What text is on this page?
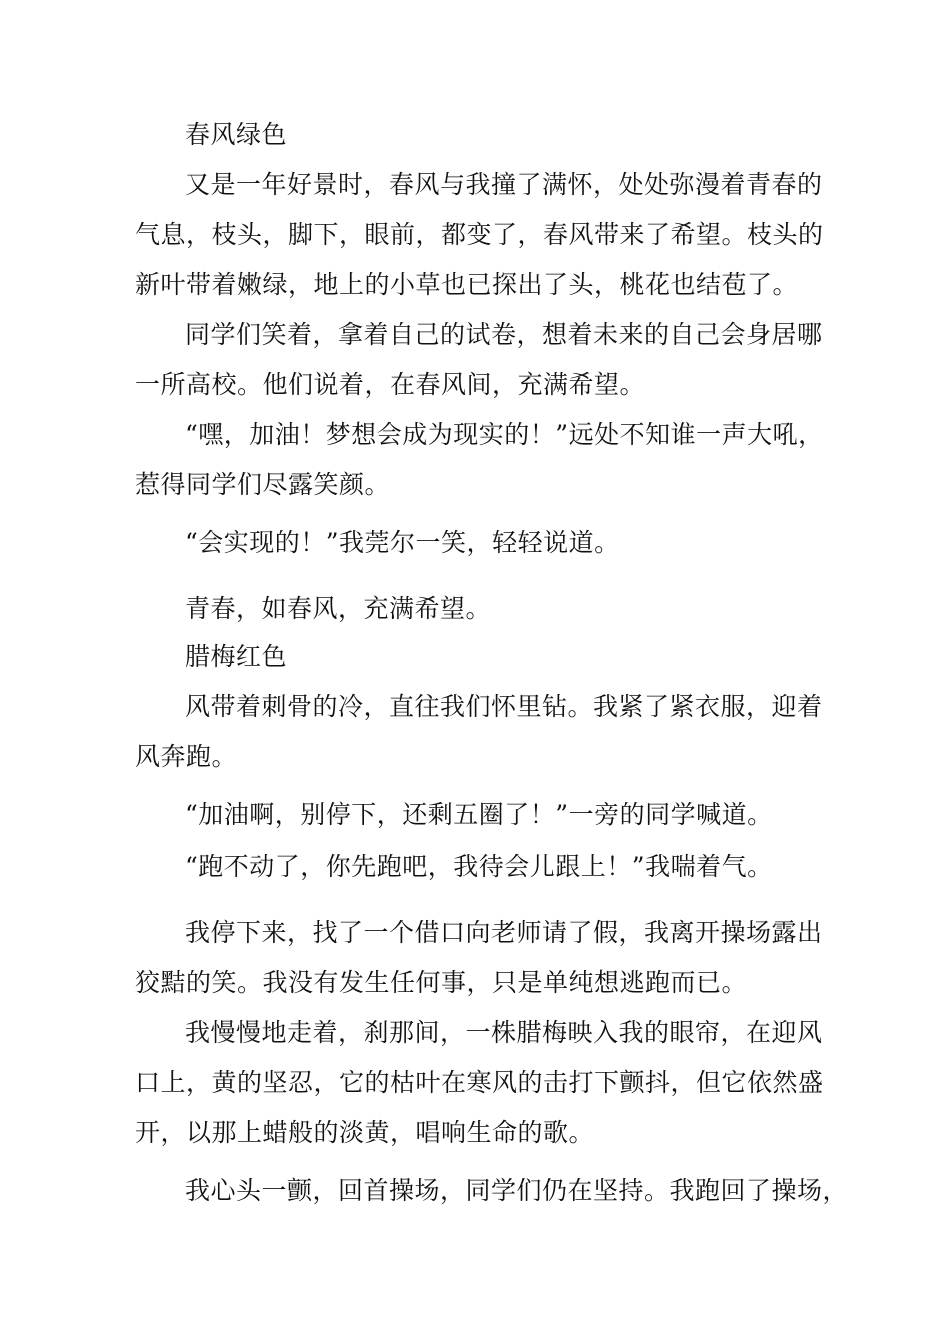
春风绿色
又是一年好景时，春风与我撞了满怀，处处弥漫着青春的
气息，枝头，脚下，眼前，都变了，春风带来了希望。枝头的
新叶带着嫩绿，地上的小草也已探出了头，桃花也结苞了。
同学们笑着，拿着自己的试卷，想着未来的自己会身居哪
一所高校。他们说着，在春风间，充满希望。
“嘿，加油！梦想会成为现实的！”远处不知谁一声大吼，
惹得同学们尽露笑颜。
“会实现的！”我莞尔一笑，轻轻说道。
青春，如春风，充满希望。
腊梅红色
风带着刺骨的冷，直往我们怀里钻。我紧了紧衣服，迎着
风奔跑。
“加油啊，别停下，还剩五圈了！”一旁的同学喊道。
“跑不动了，你先跑吧，我待会儿跟上！”我喘着气。
我停下来，找了一个借口向老师请了假，我离开操场露出
狡黠的笑。我没有发生任何事，只是单纯想逃跑而已。
我慢慢地走着，刹那间，一株腊梅映入我的眼帘，在迎风
口上，黄的坚忍，它的枯叶在寒风的击打下颤抖，但它依然盛
开，以那上蜡般的淡黄，唱响生命的歌。
我心头一颤，回首操场，同学们仍在坚持。我跑回了操场，
